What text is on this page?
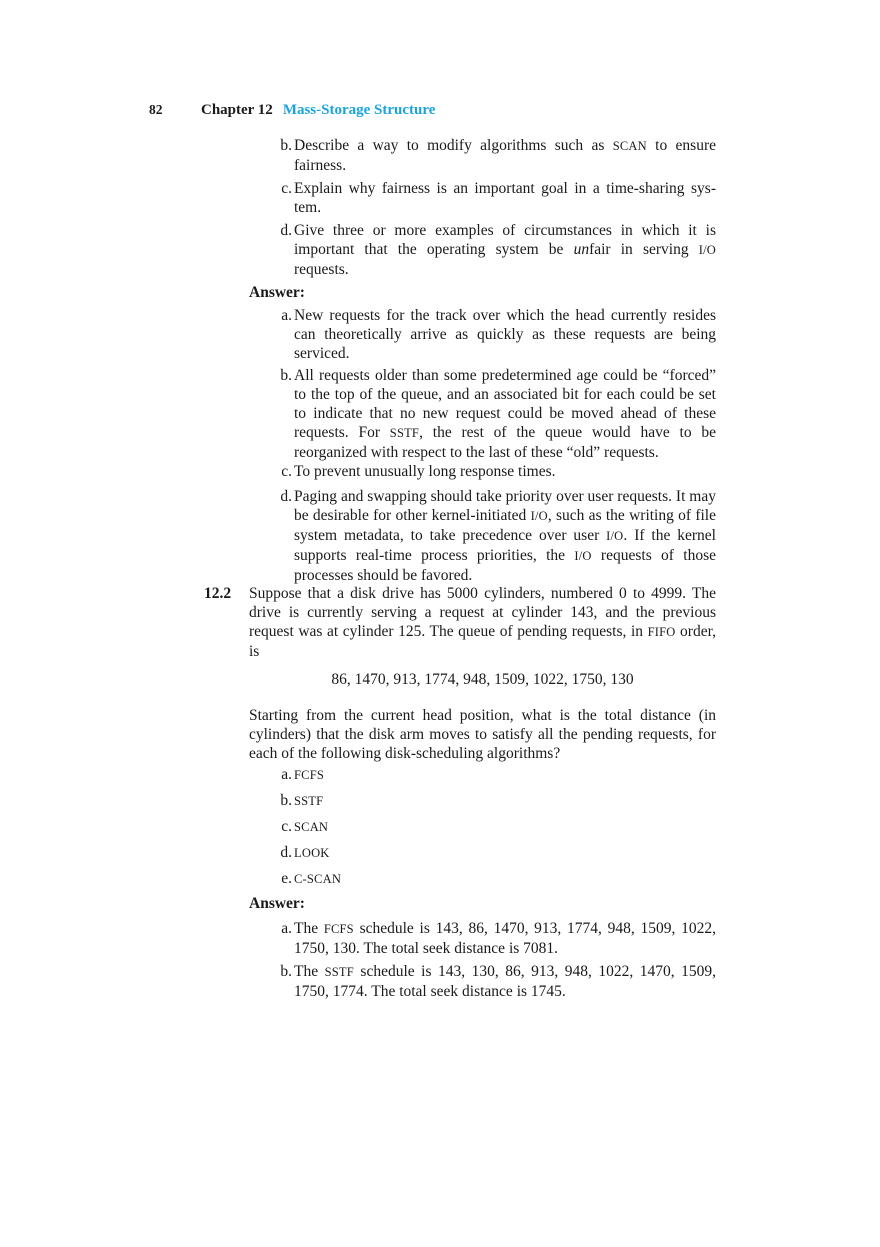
82	Chapter 12 Mass-Storage Structure
b. Describe a way to modify algorithms such as SCAN to ensure fairness.
c. Explain why fairness is an important goal in a time-sharing sys-tem.
d. Give three or more examples of circumstances in which it is important that the operating system be unfair in serving I/O requests.
Answer:
a. New requests for the track over which the head currently resides can theoretically arrive as quickly as these requests are being serviced.
b. All requests older than some predetermined age could be “forced” to the top of the queue, and an associated bit for each could be set to indicate that no new request could be moved ahead of these requests. For SSTF, the rest of the queue would have to be reorganized with respect to the last of these “old” requests.
c. To prevent unusually long response times.
d. Paging and swapping should take priority over user requests. It may be desirable for other kernel-initiated I/O, such as the writing of file system metadata, to take precedence over user I/O. If the kernel supports real-time process priorities, the I/O requests of those processes should be favored.
12.2 Suppose that a disk drive has 5000 cylinders, numbered 0 to 4999. The drive is currently serving a request at cylinder 143, and the previous request was at cylinder 125. The queue of pending requests, in FIFO order, is
86, 1470, 913, 1774, 948, 1509, 1022, 1750, 130
Starting from the current head position, what is the total distance (in cylinders) that the disk arm moves to satisfy all the pending requests, for each of the following disk-scheduling algorithms?
a. FCFS
b. SSTF
c. SCAN
d. LOOK
e. C-SCAN
Answer:
a. The FCFS schedule is 143, 86, 1470, 913, 1774, 948, 1509, 1022, 1750, 130. The total seek distance is 7081.
b. The SSTF schedule is 143, 130, 86, 913, 948, 1022, 1470, 1509, 1750, 1774. The total seek distance is 1745.
